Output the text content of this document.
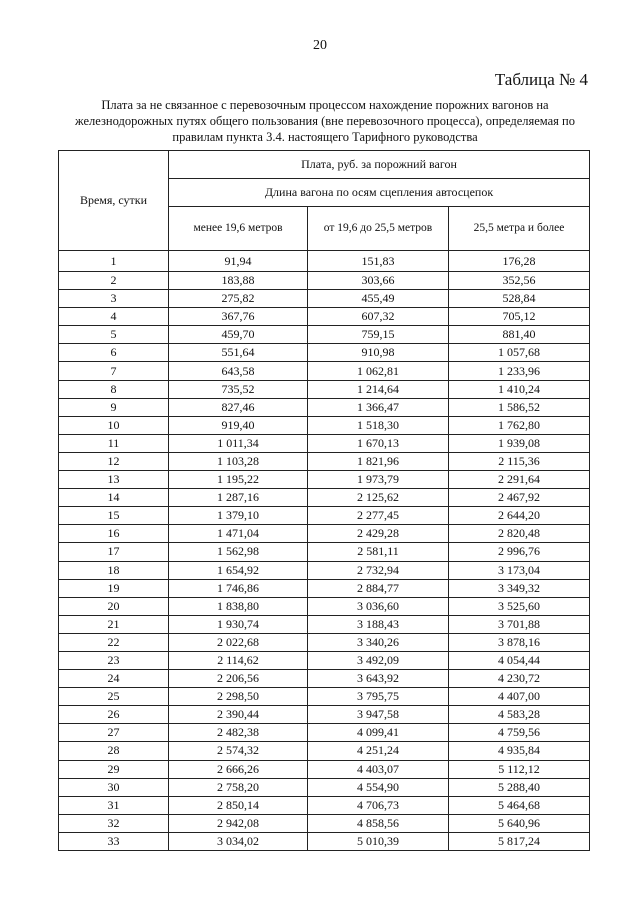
20
Таблица № 4
Плата за не связанное с перевозочным процессом нахождение порожних вагонов на
железнодорожных путях общего пользования (вне перевозочного процесса), определяемая по
правилам пункта 3.4. настоящего Тарифного руководства
Время, сутки	Плата, руб. за порожний вагон		
	Длина вагона по осям сцепления автосцепок		
	менее 19,6 метров	от 19,6 до 25,5 метров	25,5 метра и более
1	91,94	151,83	176,28
2	183,88	303,66	352,56
3	275,82	455,49	528,84
4	367,76	607,32	705,12
5	459,70	759,15	881,40
6	551,64	910,98	1 057,68
7	643,58	1 062,81	1 233,96
8	735,52	1 214,64	1 410,24
9	827,46	1 366,47	1 586,52
10	919,40	1 518,30	1 762,80
11	1 011,34	1 670,13	1 939,08
12	1 103,28	1 821,96	2 115,36
13	1 195,22	1 973,79	2 291,64
14	1 287,16	2 125,62	2 467,92
15	1 379,10	2 277,45	2 644,20
16	1 471,04	2 429,28	2 820,48
17	1 562,98	2 581,11	2 996,76
18	1 654,92	2 732,94	3 173,04
19	1 746,86	2 884,77	3 349,32
20	1 838,80	3 036,60	3 525,60
21	1 930,74	3 188,43	3 701,88
22	2 022,68	3 340,26	3 878,16
23	2 114,62	3 492,09	4 054,44
24	2 206,56	3 643,92	4 230,72
25	2 298,50	3 795,75	4 407,00
26	2 390,44	3 947,58	4 583,28
27	2 482,38	4 099,41	4 759,56
28	2 574,32	4 251,24	4 935,84
29	2 666,26	4 403,07	5 112,12
30	2 758,20	4 554,90	5 288,40
31	2 850,14	4 706,73	5 464,68
32	2 942,08	4 858,56	5 640,96
33	3 034,02	5 010,39	5 817,24
